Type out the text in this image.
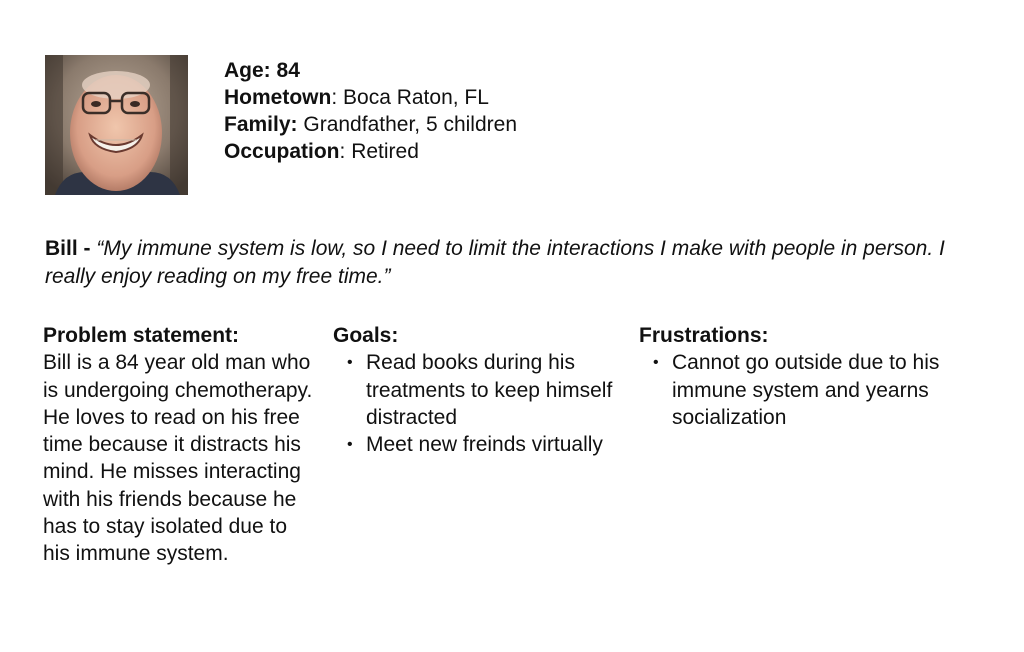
Age: 84
Hometown: Boca Raton, FL
Family: Grandfather, 5 children
Occupation: Retired
Bill - “My immune system is low, so I need to limit the interactions I make with people in person. I really enjoy reading on my free time.”
Problem statement:

Bill is a 84 year old man who is undergoing chemotherapy. He loves to read on his free time because it distracts his mind. He misses interacting with his friends because he has to stay isolated due to his immune system.

Goals:
• Read books during his treatments to keep himself distracted
• Meet new freinds virtually
Frustrations:
• Cannot go outside due to his immune system and yearns socialization
